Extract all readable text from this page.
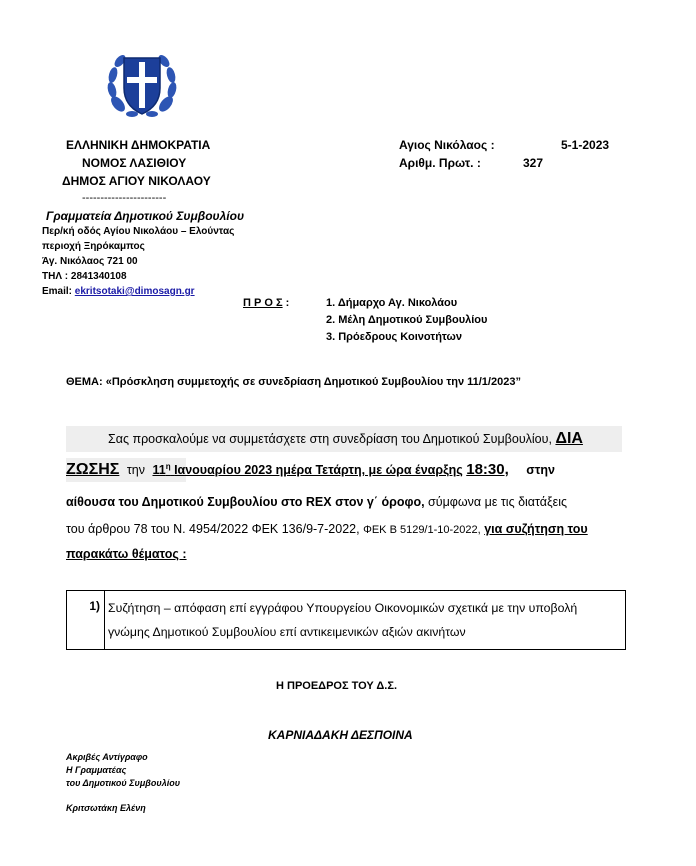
ΕΛΛΗΝΙΚΗ ΔΗΜΟΚΡΑΤΙΑ
ΝΟΜΟΣ ΛΑΣΙΘΙΟΥ
ΔΗΜΟΣ ΑΓΙΟΥ ΝΙΚΟΛΑΟΥ
-----------------------
Γραμματεία Δημοτικού Συμβουλίου
Περ/κή οδός Αγίου Νικολάου – Ελούντας
περιοχή Ξηρόκαμπος
Άγ. Νικόλαος 721 00
ΤΗΛ : 2841340108
Email: ekritsotaki@dimosagn.gr
Αγιος Νικόλαος :	5-1-2023
Αριθμ. Πρωτ. :	327
Π Ρ Ο Σ :	1. Δήμαρχο Αγ. Νικολάου
2. Μέλη Δημοτικού Συμβουλίου
3. Πρόεδρους Κοινοτήτων
ΘΕΜΑ: «Πρόσκληση συμμετοχής σε συνεδρίαση Δημοτικού Συμβουλίου την 11/1/2023”
Σας προσκαλούμε να συμμετάσχετε στη συνεδρίαση του Δημοτικού Συμβουλίου, ΔΙΑ
ΖΩΣΗΣ την $11^\eta$ Ιανουαρίου 2023 ημέρα Τετάρτη, με ώρα έναρξης 18:30, στην
αίθουσα του Δημοτικού Συμβουλίου στο REX στον γ΄ όροφο, σύμφωνα με τις διατάξεις
του άρθρου 78 του Ν. 4954/2022 ΦΕΚ 136/9-7-2022, ΦΕΚ Β 5129/1-10-2022, για συζήτηση του
παρακάτω θέματος :
1)	Συζήτηση – απόφαση επί εγγράφου Υπουργείου Οικονομικών σχετικά με την υποβολή
γνώμης Δημοτικού Συμβουλίου επί αντικειμενικών αξιών ακινήτων
Η ΠΡΟΕΔΡΟΣ ΤΟΥ Δ.Σ.
ΚΑΡΝΙΑΔΑΚΗ ΔΕΣΠΟΙΝΑ
Ακριβές Αντίγραφο
Η Γραμματέας
του Δημοτικού Συμβουλίου
Κριτσωτάκη Ελένη
